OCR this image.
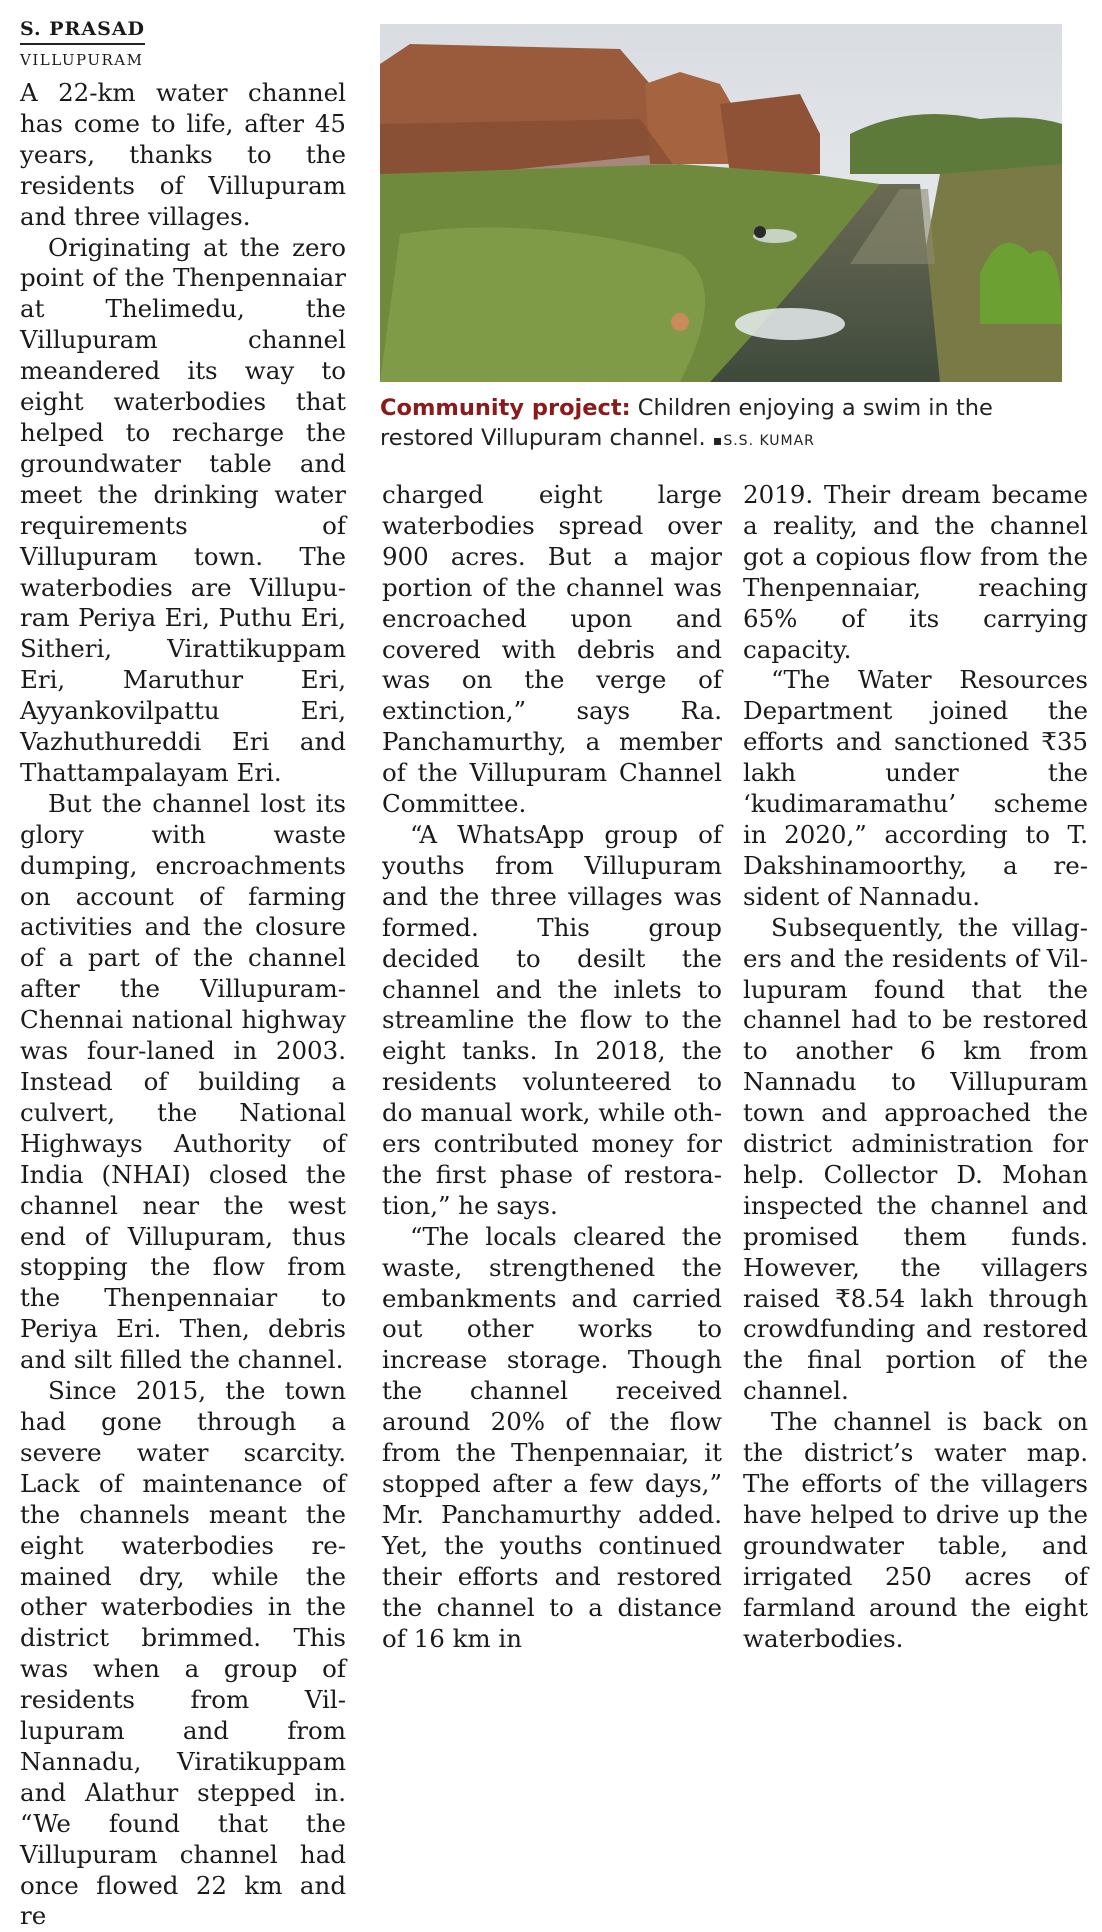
S. PRASAD
VILLUPURAM

A 22-km water channel has come to life, after 45 years, thanks to the residents of Villupuram and three villages.

Originating at the zero point of the Thenpennaiar at Thelimedu, the Villupuram channel meandered its way to eight waterbodies that helped to recharge the groundwater table and meet the drinking water requirements of Villupuram town. The waterbodies are Villupuram Periya Eri, Puthu Eri, Sitheri, Virattikuppam Eri, Maruthur Eri, Ayyankovilpattu Eri, Vazhuthureddi Eri and Thattampalayam Eri.

But the channel lost its glory with waste dumping, encroachments on account of farming activities and the closure of a part of the channel after the Villupuram-Chennai national highway was four-laned in 2003. Instead of building a culvert, the National Highways Authority of India (NHAI) closed the channel near the west end of Villupuram, thus stopping the flow from the Thenpennaiar to Periya Eri. Then, debris and silt filled the channel.

Since 2015, the town had gone through a severe water scarcity. Lack of maintenance of the channels meant the eight waterbodies remained dry, while the other waterbodies in the district brimmed. This was when a group of residents from Villupuram and from Nannadu, Viratikuppam and Alathur stepped in. “We found that the Villupuram channel had once flowed 22 km and re

Community project: Children enjoying a swim in the restored Villupuram channel. ▪S.S. KUMAR

charged eight large waterbodies spread over 900 acres. But a major portion of the channel was encroached upon and covered with debris and was on the verge of extinction,” says Ra. Panchamurthy, a member of the Villupuram Channel Committee.

“A WhatsApp group of youths from Villupuram and the three villages was formed. This group decided to desilt the channel and the inlets to streamline the flow to the eight tanks. In 2018, the residents volunteered to do manual work, while others contributed money for the first phase of restoration,” he says.

“The locals cleared the waste, strengthened the embankments and carried out other works to increase storage. Though the channel received around 20% of the flow from the Thenpennaiar, it stopped after a few days,” Mr. Panchamurthy added. Yet, the youths continued their efforts and restored the channel to a distance of 16 km in

2019. Their dream became a reality, and the channel got a copious flow from the Thenpennaiar, reaching 65% of its carrying capacity.

“The Water Resources Department joined the efforts and sanctioned ₹35 lakh under the ‘kudimaramathu’ scheme in 2020,” according to T. Dakshinamoorthy, a resident of Nannadu.

Subsequently, the villagers and the residents of Villupuram found that the channel had to be restored to another 6 km from Nannadu to Villupuram town and approached the district administration for help. Collector D. Mohan inspected the channel and promised them funds. However, the villagers raised ₹8.54 lakh through crowdfunding and restored the final portion of the channel.

The channel is back on the district’s water map. The efforts of the villagers have helped to drive up the groundwater table, and irrigated 250 acres of farmland around the eight waterbodies.
